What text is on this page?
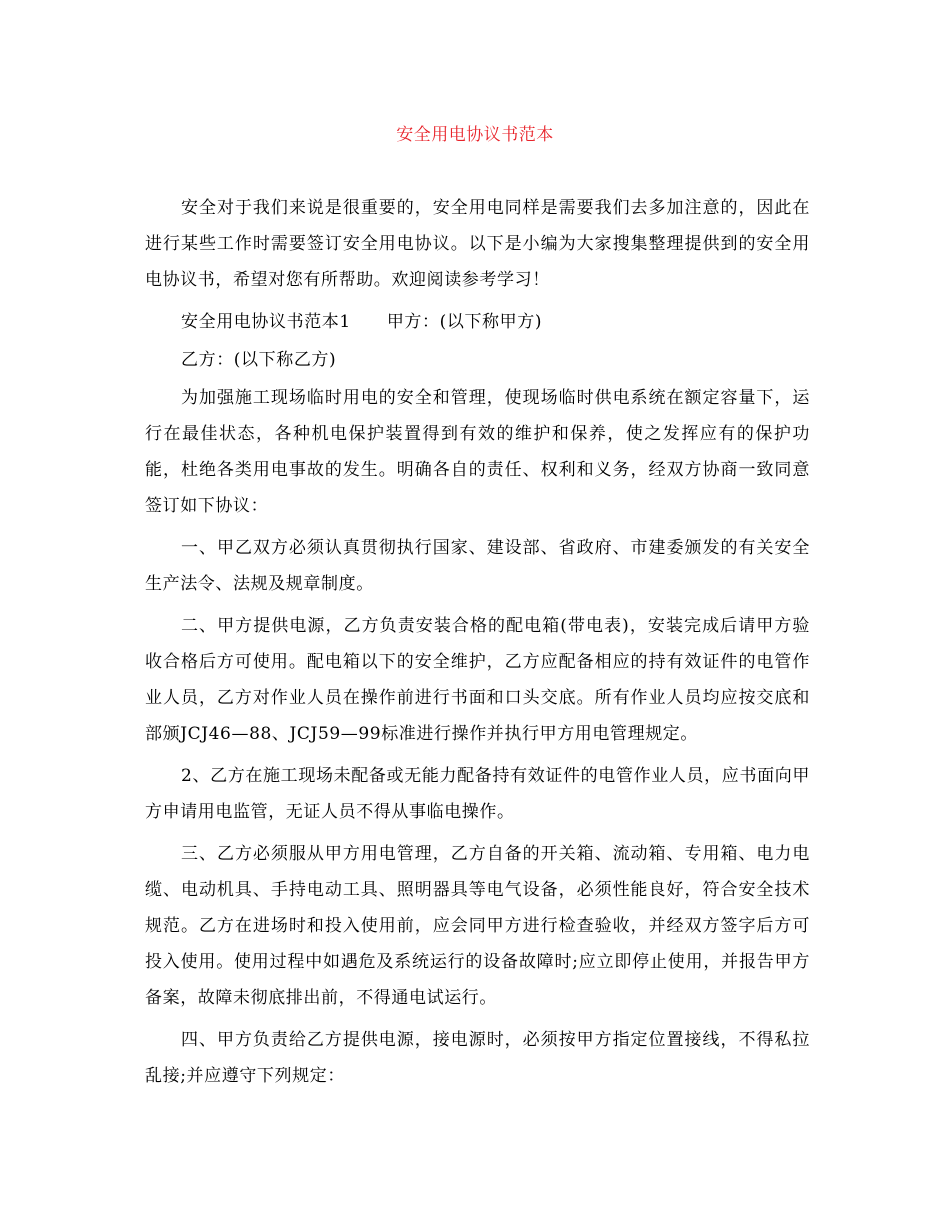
安全用电协议书范本

安全对于我们来说是很重要的，安全用电同样是需要我们去多加注意的，因此在进行某些工作时需要签订安全用电协议。以下是小编为大家搜集整理提供到的安全用电协议书，希望对您有所帮助。欢迎阅读参考学习！

安全用电协议书范本1 甲方：(以下称甲方)

乙方：(以下称乙方)

为加强施工现场临时用电的安全和管理，使现场临时供电系统在额定容量下，运行在最佳状态，各种机电保护装置得到有效的维护和保养，使之发挥应有的保护功能，杜绝各类用电事故的发生。明确各自的责任、权利和义务，经双方协商一致同意签订如下协议：

一、甲乙双方必须认真贯彻执行国家、建设部、省政府、市建委颁发的有关安全生产法令、法规及规章制度。

二、甲方提供电源，乙方负责安装合格的配电箱(带电表)，安装完成后请甲方验收合格后方可使用。配电箱以下的安全维护，乙方应配备相应的持有效证件的电管作业人员，乙方对作业人员在操作前进行书面和口头交底。所有作业人员均应按交底和部颁JCJ46—88、JCJ59—99标准进行操作并执行甲方用电管理规定。

2、乙方在施工现场未配备或无能力配备持有效证件的电管作业人员，应书面向甲方申请用电监管，无证人员不得从事临电操作。

三、乙方必须服从甲方用电管理，乙方自备的开关箱、流动箱、专用箱、电力电缆、电动机具、手持电动工具、照明器具等电气设备，必须性能良好，符合安全技术规范。乙方在进场时和投入使用前，应会同甲方进行检查验收，并经双方签字后方可投入使用。使用过程中如遇危及系统运行的设备故障时;应立即停止使用，并报告甲方备案，故障未彻底排出前，不得通电试运行。

四、甲方负责给乙方提供电源，接电源时，必须按甲方指定位置接线，不得私拉乱接;并应遵守下列规定：
